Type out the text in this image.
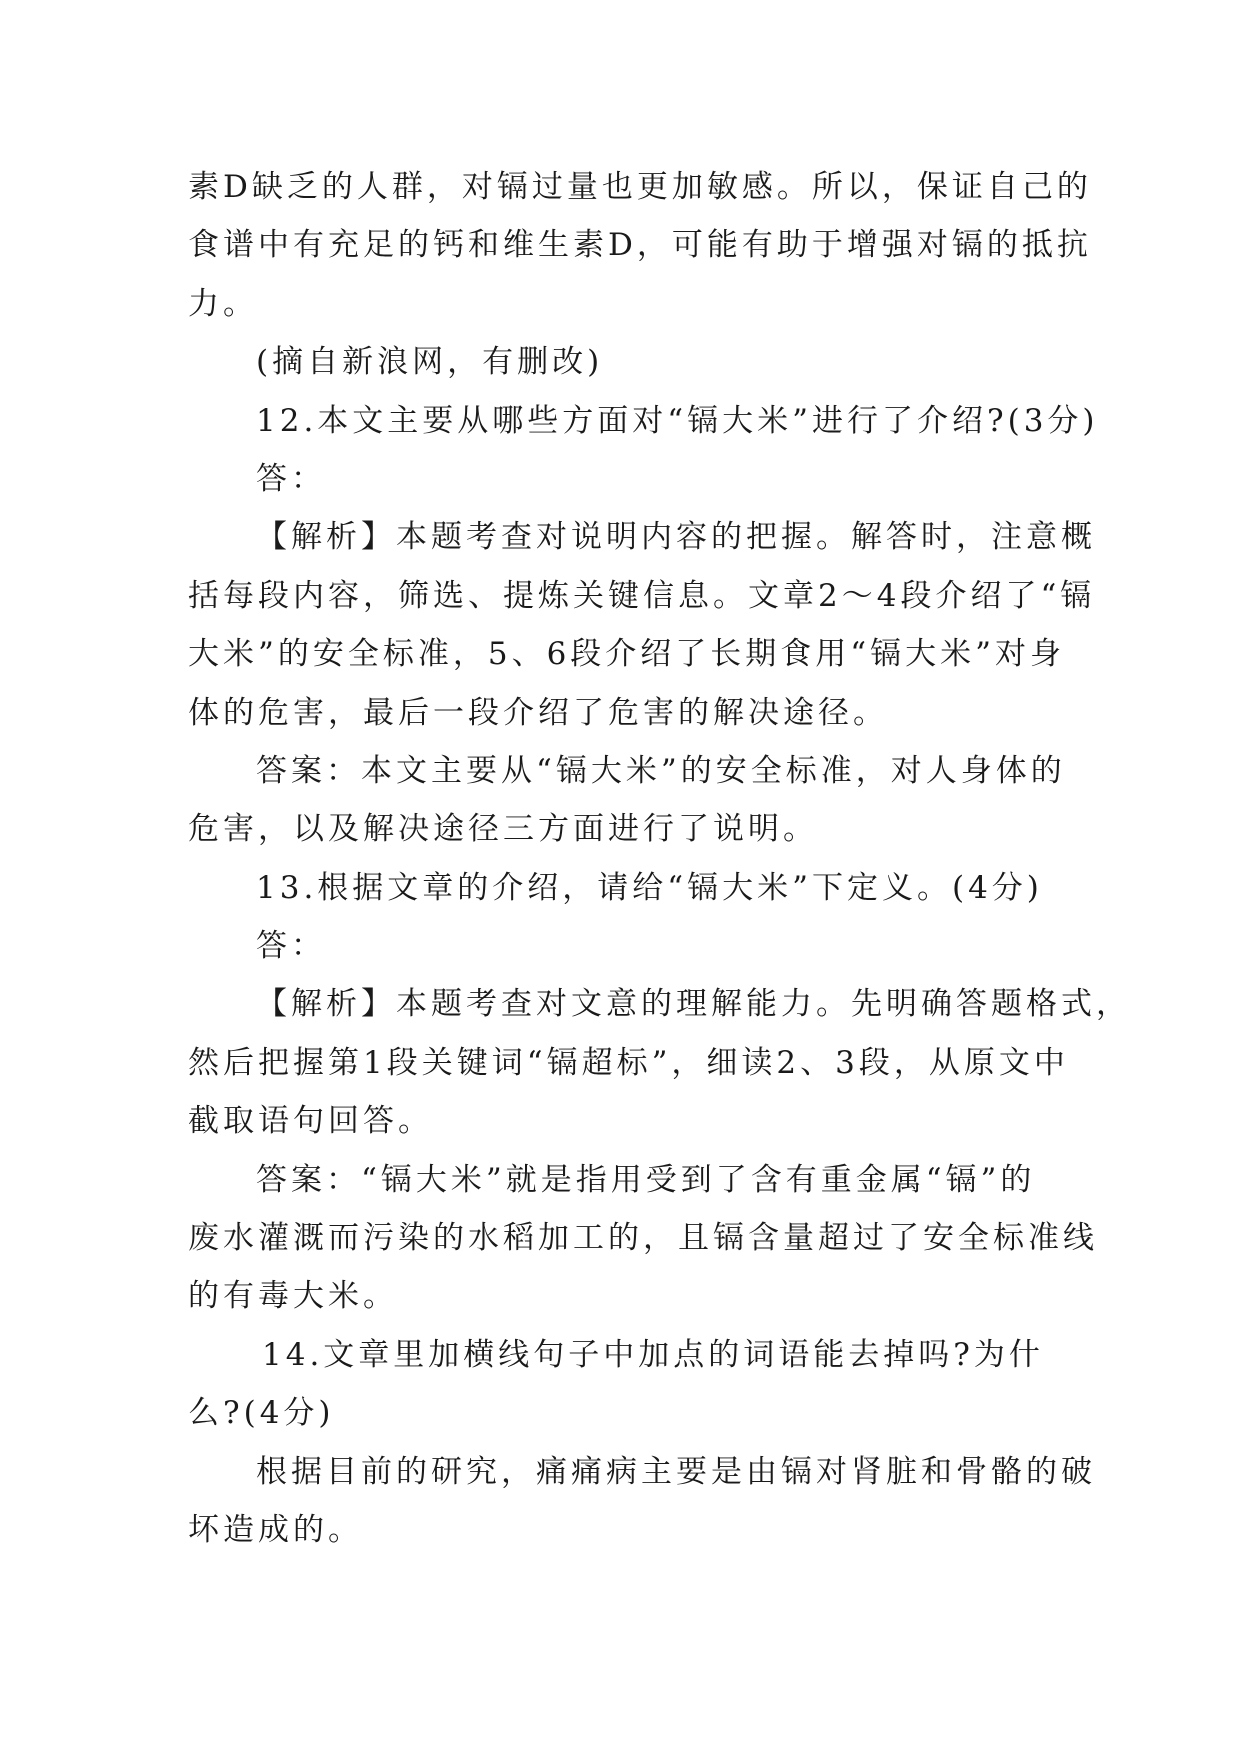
素D缺乏的人群，对镉过量也更加敏感。所以，保证自己的
食谱中有充足的钙和维生素D，可能有助于增强对镉的抵抗
力。
(摘自新浪网，有删改)
12.本文主要从哪些方面对“镉大米”进行了介绍?(3分)
答：
【解析】本题考查对说明内容的把握。解答时，注意概
括每段内容，筛选、提炼关键信息。文章2～4段介绍了“镉
大米”的安全标准，5、6段介绍了长期食用“镉大米”对身
体的危害，最后一段介绍了危害的解决途径。
答案：本文主要从“镉大米”的安全标准，对人身体的
危害，以及解决途径三方面进行了说明。
13.根据文章的介绍，请给“镉大米”下定义。(4分)
答：
【解析】本题考查对文意的理解能力。先明确答题格式，
然后把握第1段关键词“镉超标”，细读2、3段，从原文中
截取语句回答。
答案：“镉大米”就是指用受到了含有重金属“镉”的
废水灌溉而污染的水稻加工的，且镉含量超过了安全标准线
的有毒大米。
14.文章里加横线句子中加点的词语能去掉吗?为什
么?(4分)
根据目前的研究，痛痛病主要是由镉对肾脏和骨骼的破
坏造成的。
